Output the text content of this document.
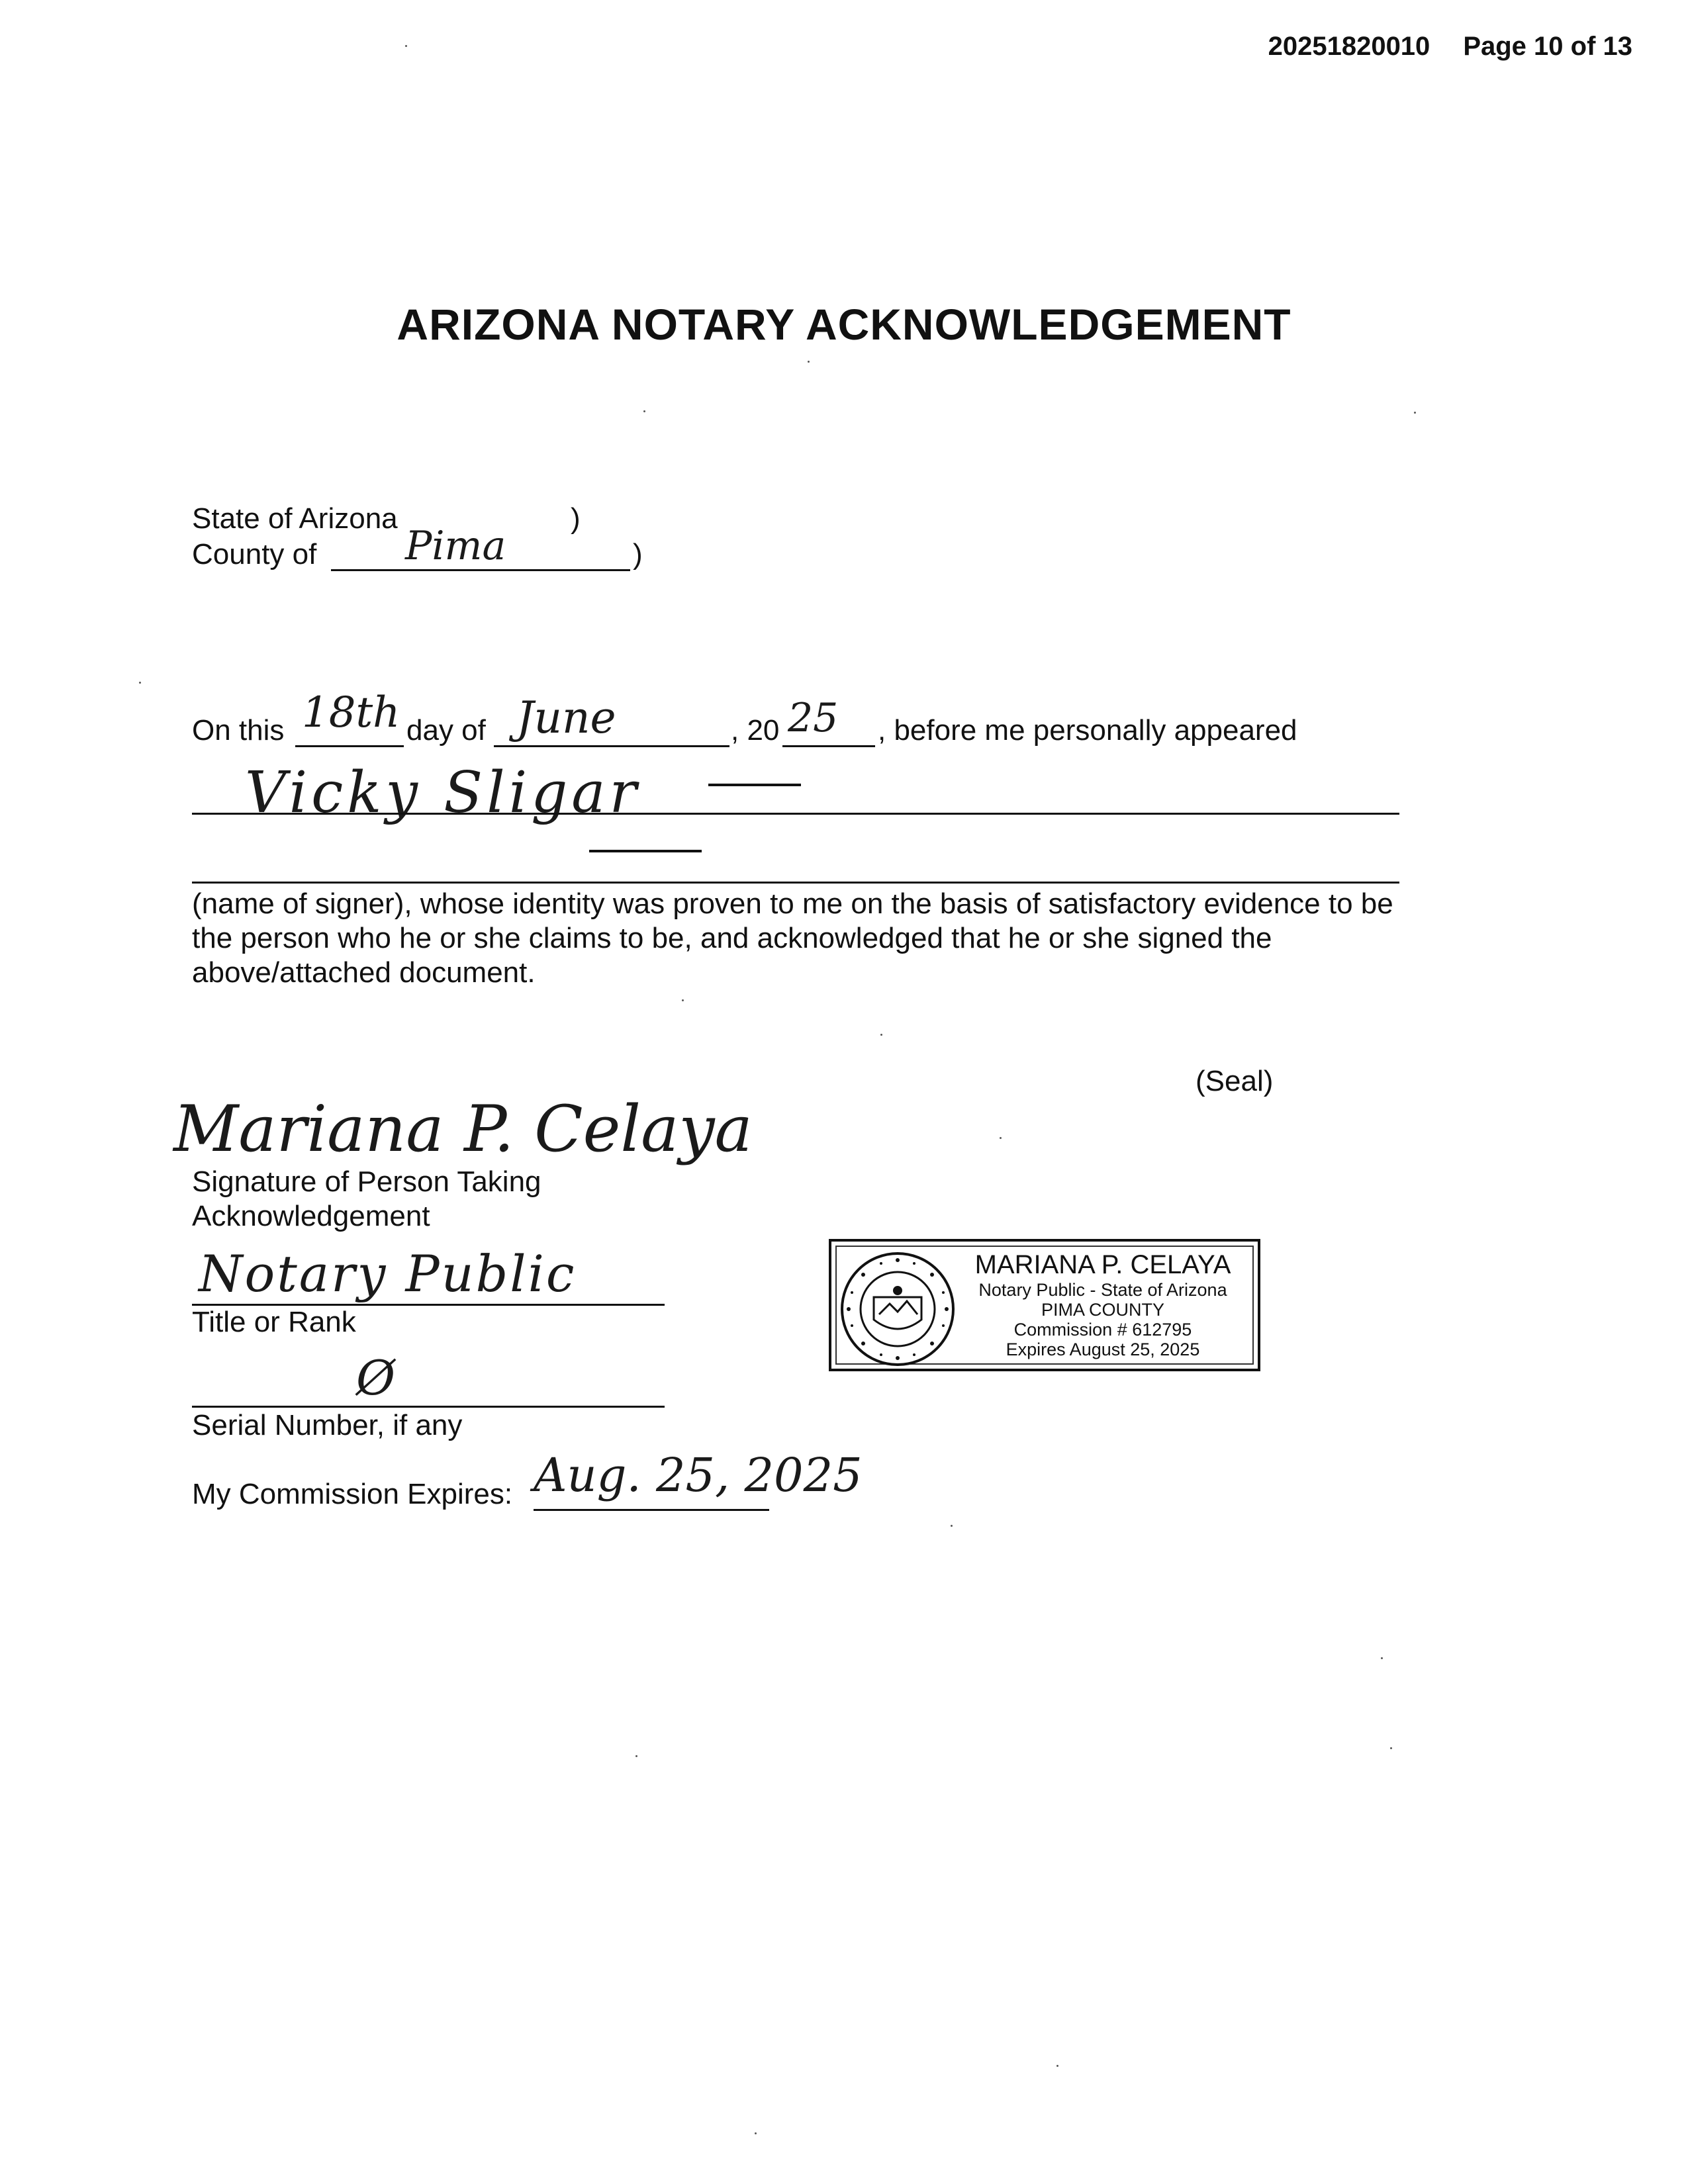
20251820010 Page 10 of 13
ARIZONA NOTARY ACKNOWLEDGEMENT
State of Arizona	)
County of Pima	)
On this 18th day of June	, 20 25 , before me personally appeared
Vicky Sligar
(name of signer), whose identity was proven to me on the basis of satisfactory evidence to be
the person who he or she claims to be, and acknowledged that he or she signed the
above/attached document.
(Seal)
Mariana P. Celaya
Signature of Person Taking
Acknowledgement
Notary Public
Title or Rank
Ø
Serial Number, if any
My Commission Expires: Aug. 25, 2025
MARIANA P. CELAYA
Notary Public - State of Arizona
PIMA COUNTY
Commission # 612795
Expires August 25, 2025
